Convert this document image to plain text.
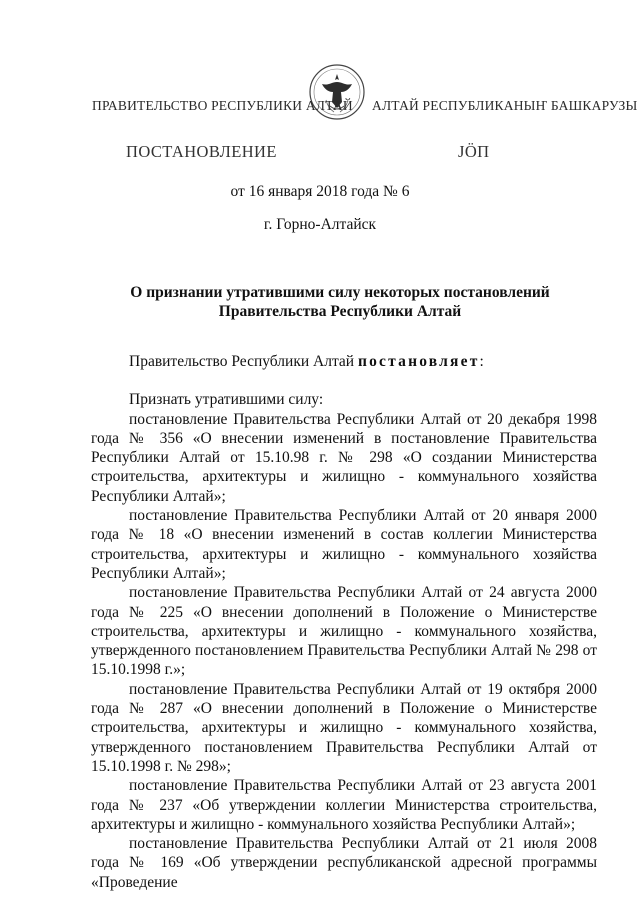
ПРАВИТЕЛЬСТВО РЕСПУБЛИКИ АЛТАЙ АЛТАЙ РЕСПУБЛИКАНЫҤ БАШКАРУЗЫ
ПОСТАНОВЛЕНИЕ	ЈӦП
от 16 января 2018 года № 6
г. Горно-Алтайск
О признании утратившими силу некоторых постановлений
Правительства Республики Алтай

Правительство Республики Алтай постановляет:

Признать утратившими силу:

постановление Правительства Республики Алтай от 20 декабря 1998 года № 356 «О внесении изменений в постановление Правительства Республики Алтай от 15.10.98 г. № 298 «О создании Министерства строительства, архитектуры и жилищно - коммунального хозяйства Республики Алтай»;

постановление Правительства Республики Алтай от 20 января 2000 года № 18 «О внесении изменений в состав коллегии Министерства строительства, архитектуры и жилищно - коммунального хозяйства Республики Алтай»;

постановление Правительства Республики Алтай от 24 августа 2000 года № 225 «О внесении дополнений в Положение о Министерстве строительства, архитектуры и жилищно - коммунального хозяйства, утвержденного постановлением Правительства Республики Алтай № 298 от 15.10.1998 г.»;

постановление Правительства Республики Алтай от 19 октября 2000 года № 287 «О внесении дополнений в Положение о Министерстве строительства, архитектуры и жилищно - коммунального хозяйства, утвержденного постановлением Правительства Республики Алтай от 15.10.1998 г. № 298»;

постановление Правительства Республики Алтай от 23 августа 2001 года № 237 «Об утверждении коллегии Министерства строительства, архитектуры и жилищно - коммунального хозяйства Республики Алтай»;

постановление Правительства Республики Алтай от 21 июля 2008 года № 169 «Об утверждении республиканской адресной программы «Проведение
